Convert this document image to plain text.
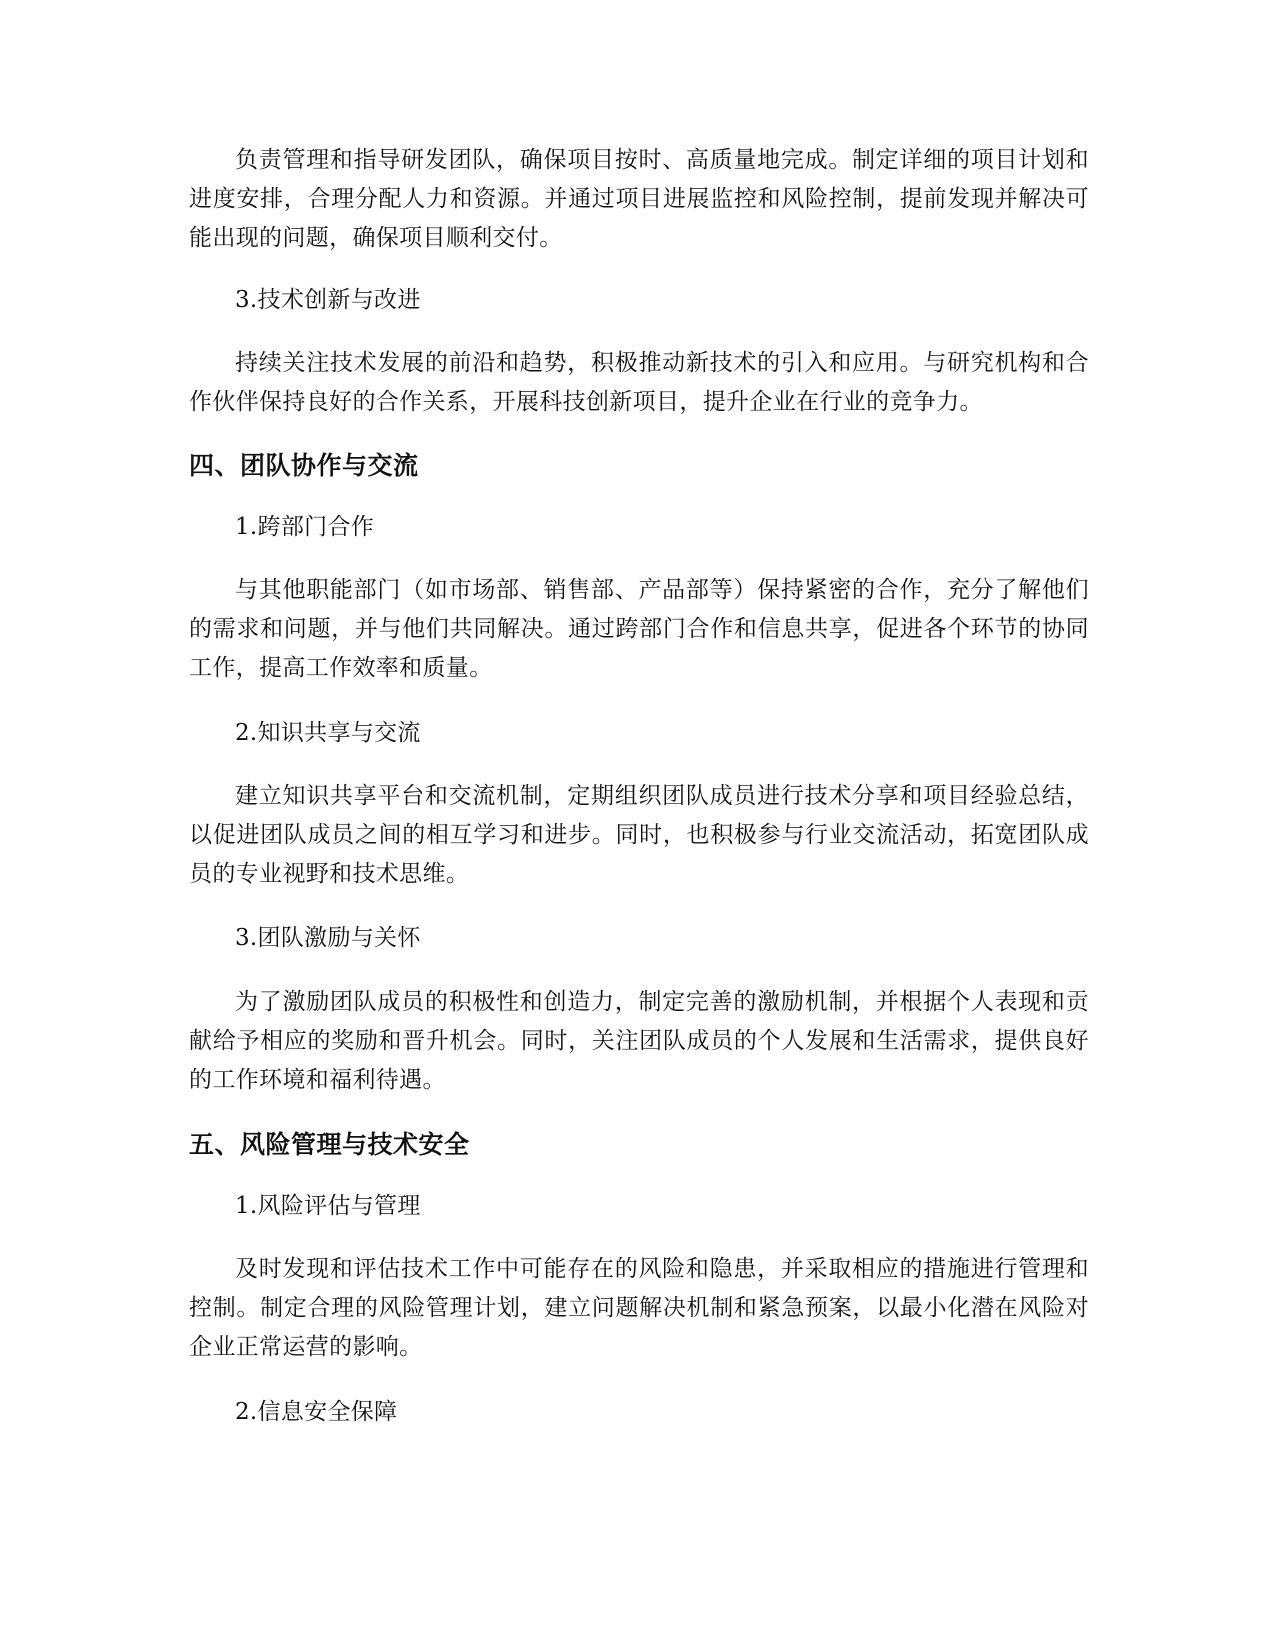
负责管理和指导研发团队，确保项目按时、高质量地完成。制定详细的项目计划和进度安排，合理分配人力和资源。并通过项目进展监控和风险控制，提前发现并解决可能出现的问题，确保项目顺利交付。

3.技术创新与改进

持续关注技术发展的前沿和趋势，积极推动新技术的引入和应用。与研究机构和合作伙伴保持良好的合作关系，开展科技创新项目，提升企业在行业的竞争力。

四、团队协作与交流

1.跨部门合作

与其他职能部门（如市场部、销售部、产品部等）保持紧密的合作，充分了解他们的需求和问题，并与他们共同解决。通过跨部门合作和信息共享，促进各个环节的协同工作，提高工作效率和质量。

2.知识共享与交流

建立知识共享平台和交流机制，定期组织团队成员进行技术分享和项目经验总结，以促进团队成员之间的相互学习和进步。同时，也积极参与行业交流活动，拓宽团队成员的专业视野和技术思维。

3.团队激励与关怀

为了激励团队成员的积极性和创造力，制定完善的激励机制，并根据个人表现和贡献给予相应的奖励和晋升机会。同时，关注团队成员的个人发展和生活需求，提供良好的工作环境和福利待遇。

五、风险管理与技术安全

1.风险评估与管理

及时发现和评估技术工作中可能存在的风险和隐患，并采取相应的措施进行管理和控制。制定合理的风险管理计划，建立问题解决机制和紧急预案，以最小化潜在风险对企业正常运营的影响。

2.信息安全保障
